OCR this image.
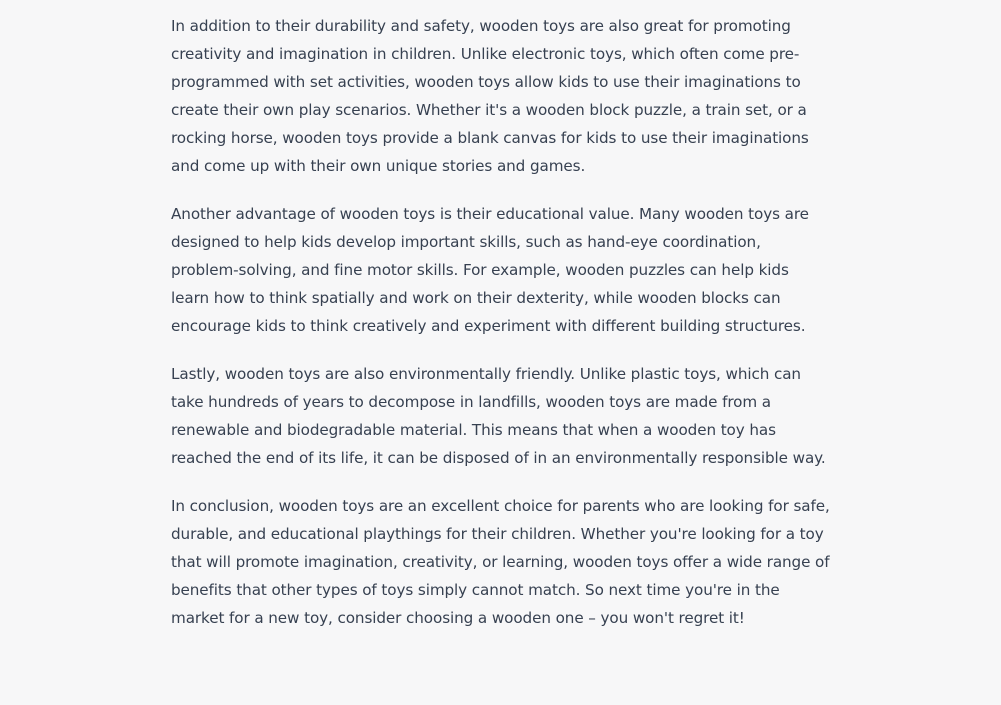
In addition to their durability and safety, wooden toys are also great for promoting creativity and imagination in children. Unlike electronic toys, which often come pre-programmed with set activities, wooden toys allow kids to use their imaginations to create their own play scenarios. Whether it's a wooden block puzzle, a train set, or a rocking horse, wooden toys provide a blank canvas for kids to use their imaginations and come up with their own unique stories and games.

Another advantage of wooden toys is their educational value. Many wooden toys are designed to help kids develop important skills, such as hand-eye coordination, problem-solving, and fine motor skills. For example, wooden puzzles can help kids learn how to think spatially and work on their dexterity, while wooden blocks can encourage kids to think creatively and experiment with different building structures.

Lastly, wooden toys are also environmentally friendly. Unlike plastic toys, which can take hundreds of years to decompose in landfills, wooden toys are made from a renewable and biodegradable material. This means that when a wooden toy has reached the end of its life, it can be disposed of in an environmentally responsible way.

In conclusion, wooden toys are an excellent choice for parents who are looking for safe, durable, and educational playthings for their children. Whether you're looking for a toy that will promote imagination, creativity, or learning, wooden toys offer a wide range of benefits that other types of toys simply cannot match. So next time you're in the market for a new toy, consider choosing a wooden one – you won't regret it!
